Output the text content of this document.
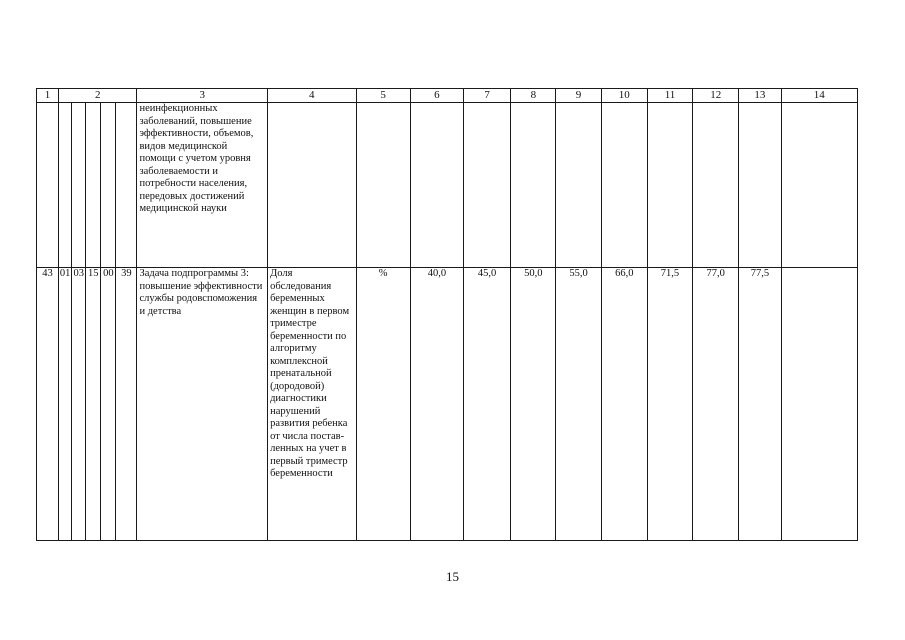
1	2					3	4	5	6	7	8	9	10	11	12	13	14
						неинфекционных заболеваний, повышение эффективности, объемов, видов медицинской помощи с учетом уровня заболеваемости и потребности населения, передовых достижений медицинской науки											
43	01	03	15	00	39	Задача подпрограммы 3: повышение эффективности службы родовспоможения и детства	Доля обследования беременных женщин в первом триместре беременности по алгоритму комплексной пренатальной (дородовой) диагностики нарушений развития ребенка от числа постав-ленных на учет в первый триместр беременности	%	40,0	45,0	50,0	55,0	66,0	71,5	77,0	77,5	
15
